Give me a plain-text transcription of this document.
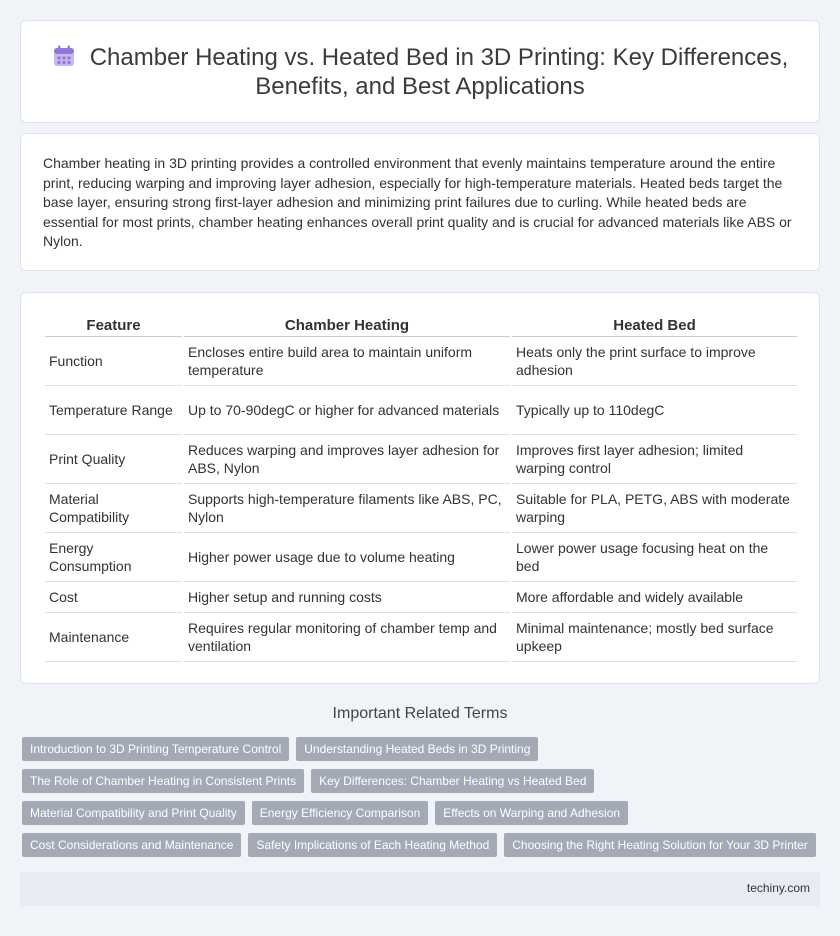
Chamber Heating vs. Heated Bed in 3D Printing: Key Differences, Benefits, and Best Applications

Chamber heating in 3D printing provides a controlled environment that evenly maintains temperature around the entire print, reducing warping and improving layer adhesion, especially for high-temperature materials. Heated beds target the base layer, ensuring strong first-layer adhesion and minimizing print failures due to curling. While heated beds are essential for most prints, chamber heating enhances overall print quality and is crucial for advanced materials like ABS or Nylon.

Feature	Chamber Heating	Heated Bed
Function	Encloses entire build area to maintain uniform temperature	Heats only the print surface to improve adhesion
Temperature Range	Up to 70-90degC or higher for advanced materials	Typically up to 110degC
Print Quality	Reduces warping and improves layer adhesion for ABS, Nylon	Improves first layer adhesion; limited warping control
Material Compatibility	Supports high-temperature filaments like ABS, PC, Nylon	Suitable for PLA, PETG, ABS with moderate warping
Energy Consumption	Higher power usage due to volume heating	Lower power usage focusing heat on the bed
Cost	Higher setup and running costs	More affordable and widely available
Maintenance	Requires regular monitoring of chamber temp and ventilation	Minimal maintenance; mostly bed surface upkeep
Important Related Terms
Introduction to 3D Printing Temperature Control	Understanding Heated Beds in 3D Printing
The Role of Chamber Heating in Consistent Prints	Key Differences: Chamber Heating vs Heated Bed
Material Compatibility and Print Quality	Energy Efficiency Comparison	Effects on Warping and Adhesion
Cost Considerations and Maintenance	Safety Implications of Each Heating Method	Choosing the Right Heating Solution for Your 3D Printer
techiny.com
